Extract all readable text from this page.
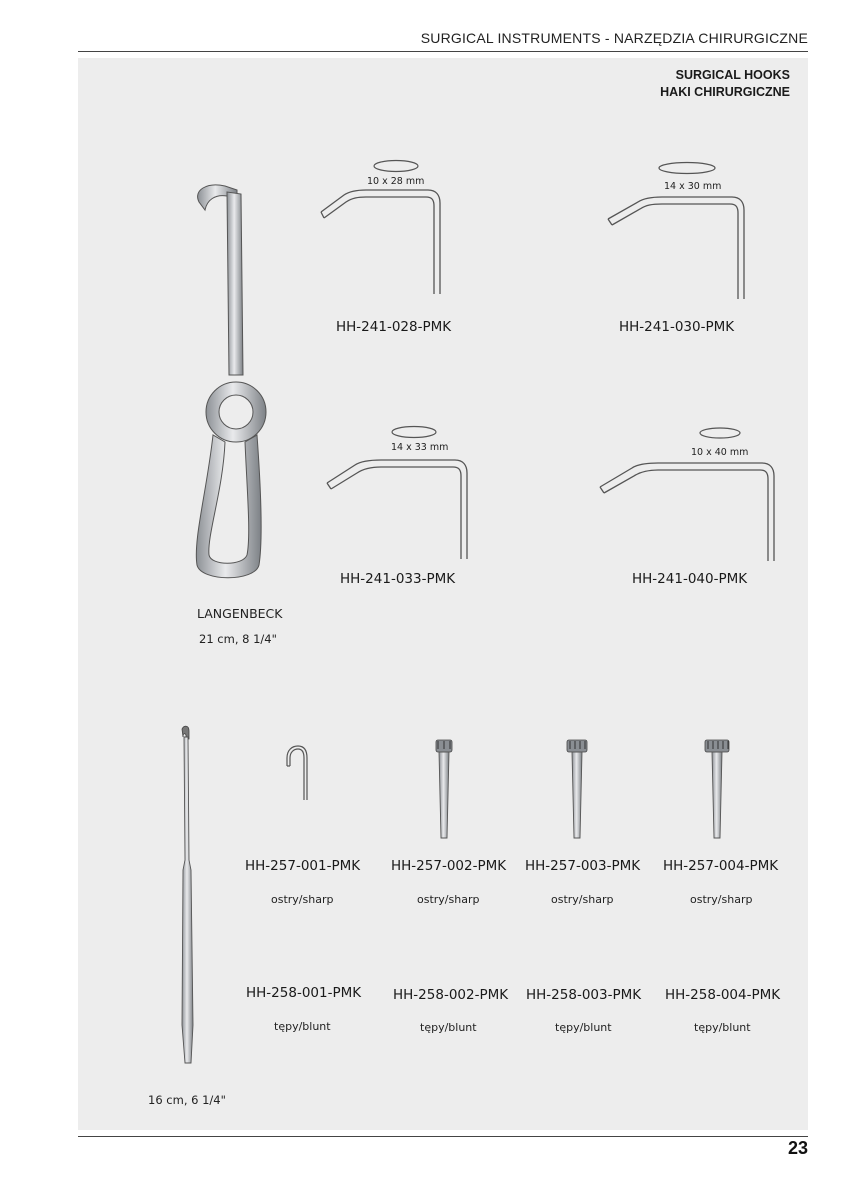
SURGICAL INSTRUMENTS - NARZĘDZIA CHIRURGICZNE
SURGICAL HOOKS
HAKI CHIRURGICZNE
LANGENBECK
21 cm, 8 1/4"
10 x 28 mm
HH-241-028-PMK
14 x 30 mm
HH-241-030-PMK
14 x 33 mm
HH-241-033-PMK
10 x 40 mm
HH-241-040-PMK
16 cm, 6 1/4"
HH-257-001-PMK HH-257-002-PMK HH-257-003-PMK HH-257-004-PMK
ostry/sharp	ostry/sharp	ostry/sharp	ostry/sharp
HH-258-001-PMK HH-258-002-PMK HH-258-003-PMK HH-258-004-PMK
tępy/blunt	tępy/blunt	tępy/blunt	tępy/blunt
23
